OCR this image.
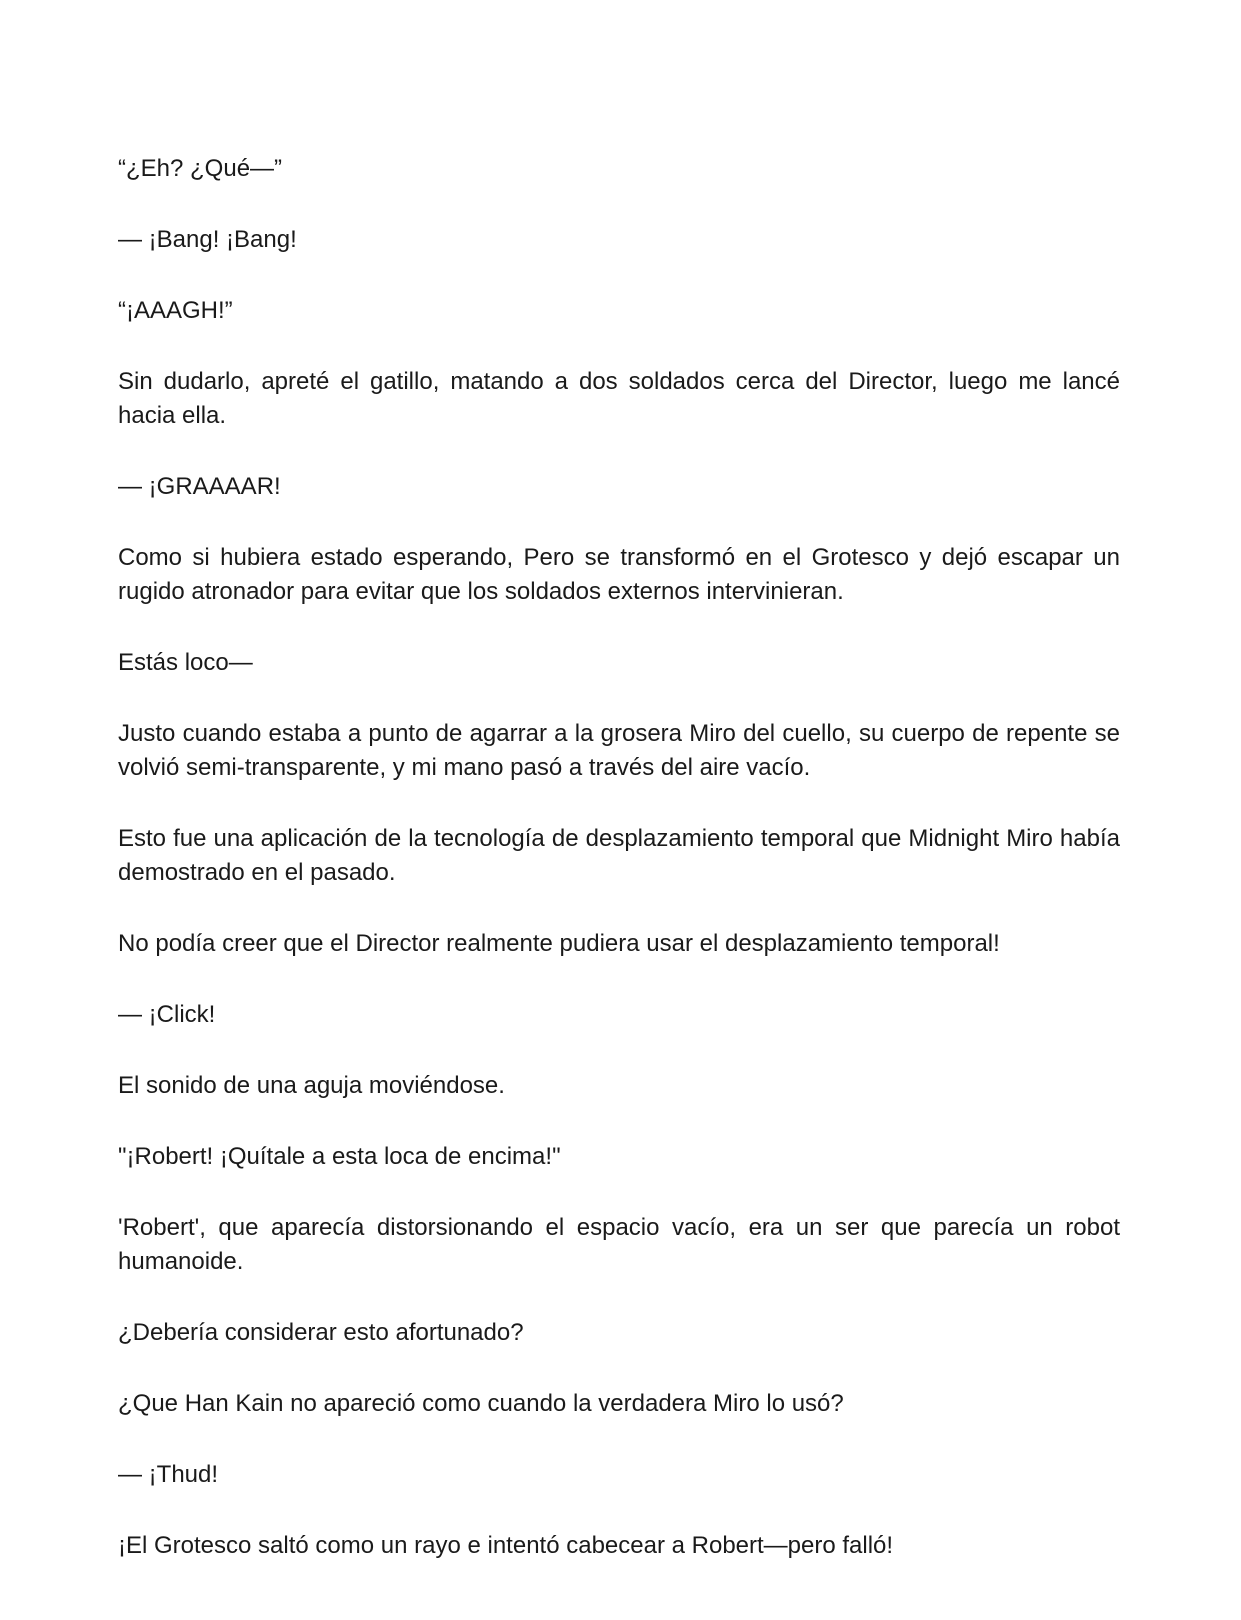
“¿Eh? ¿Qué—”

— ¡Bang! ¡Bang!

“¡AAAGH!”

Sin dudarlo, apreté el gatillo, matando a dos soldados cerca del Director, luego me lancé hacia ella.

— ¡GRAAAAR!

Como si hubiera estado esperando, Pero se transformó en el Grotesco y dejó escapar un rugido atronador para evitar que los soldados externos intervinieran.

Estás loco—

Justo cuando estaba a punto de agarrar a la grosera Miro del cuello, su cuerpo de repente se volvió semi-transparente, y mi mano pasó a través del aire vacío.

Esto fue una aplicación de la tecnología de desplazamiento temporal que Midnight Miro había demostrado en el pasado.

No podía creer que el Director realmente pudiera usar el desplazamiento temporal!

— ¡Click!

El sonido de una aguja moviéndose.

"¡Robert! ¡Quítale a esta loca de encima!"

'Robert', que aparecía distorsionando el espacio vacío, era un ser que parecía un robot humanoide.

¿Debería considerar esto afortunado?

¿Que Han Kain no apareció como cuando la verdadera Miro lo usó?

— ¡Thud!

¡El Grotesco saltó como un rayo e intentó cabecear a Robert—pero falló!
